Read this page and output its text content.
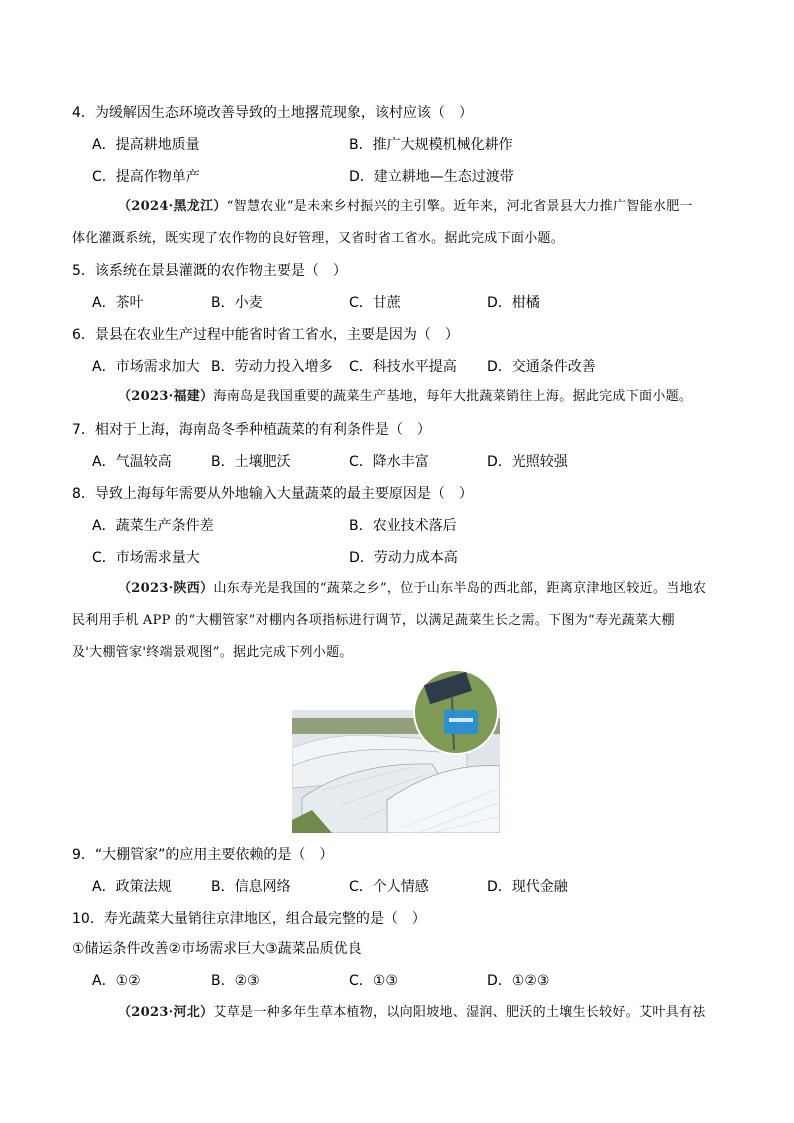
4．为缓解因生态环境改善导致的土地撂荒现象，该村应该（　）
A．提高耕地质量	B．推广大规模机械化耕作
C．提高作物单产	D．建立耕地—生态过渡带
（2024·黑龙江）“智慧农业”是未来乡村振兴的主引擎。近年来，河北省景县大力推广智能水肥一
体化灌溉系统，既实现了农作物的良好管理，又省时省工省水。据此完成下面小题。
5．该系统在景县灌溉的农作物主要是（　）
A．茶叶	B．小麦	C．甘蔗	D．柑橘
6．景县在农业生产过程中能省时省工省水，主要是因为（　）
A．市场需求加大 B．劳动力投入增多 C．科技水平提高 D．交通条件改善
（2023·福建）海南岛是我国重要的蔬菜生产基地，每年大批蔬菜销往上海。据此完成下面小题。
7．相对于上海，海南岛冬季种植蔬菜的有利条件是（　）
A．气温较高	B．土壤肥沃	C．降水丰富	D．光照较强
8．导致上海每年需要从外地输入大量蔬菜的最主要原因是（　）
A．蔬菜生产条件差	B．农业技术落后
C．市场需求量大	D．劳动力成本高
（2023·陕西）山东寿光是我国的“蔬菜之乡”，位于山东半岛的西北部，距离京津地区较近。当地农
民利用手机 APP 的“大棚管家”对棚内各项指标进行调节，以满足蔬菜生长之需。下图为“寿光蔬菜大棚
及'大棚管家'终端景观图”。据此完成下列小题。
9．“大棚管家”的应用主要依赖的是（　）
A．政策法规	B．信息网络	C．个人情感	D．现代金融
10．寿光蔬菜大量销往京津地区，组合最完整的是（　）
①储运条件改善②市场需求巨大③蔬菜品质优良
A．①②	B．②③	C．①③	D．①②③
（2023·河北）艾草是一种多年生草本植物，以向阳坡地、湿润、肥沃的土壤生长较好。艾叶具有祛
